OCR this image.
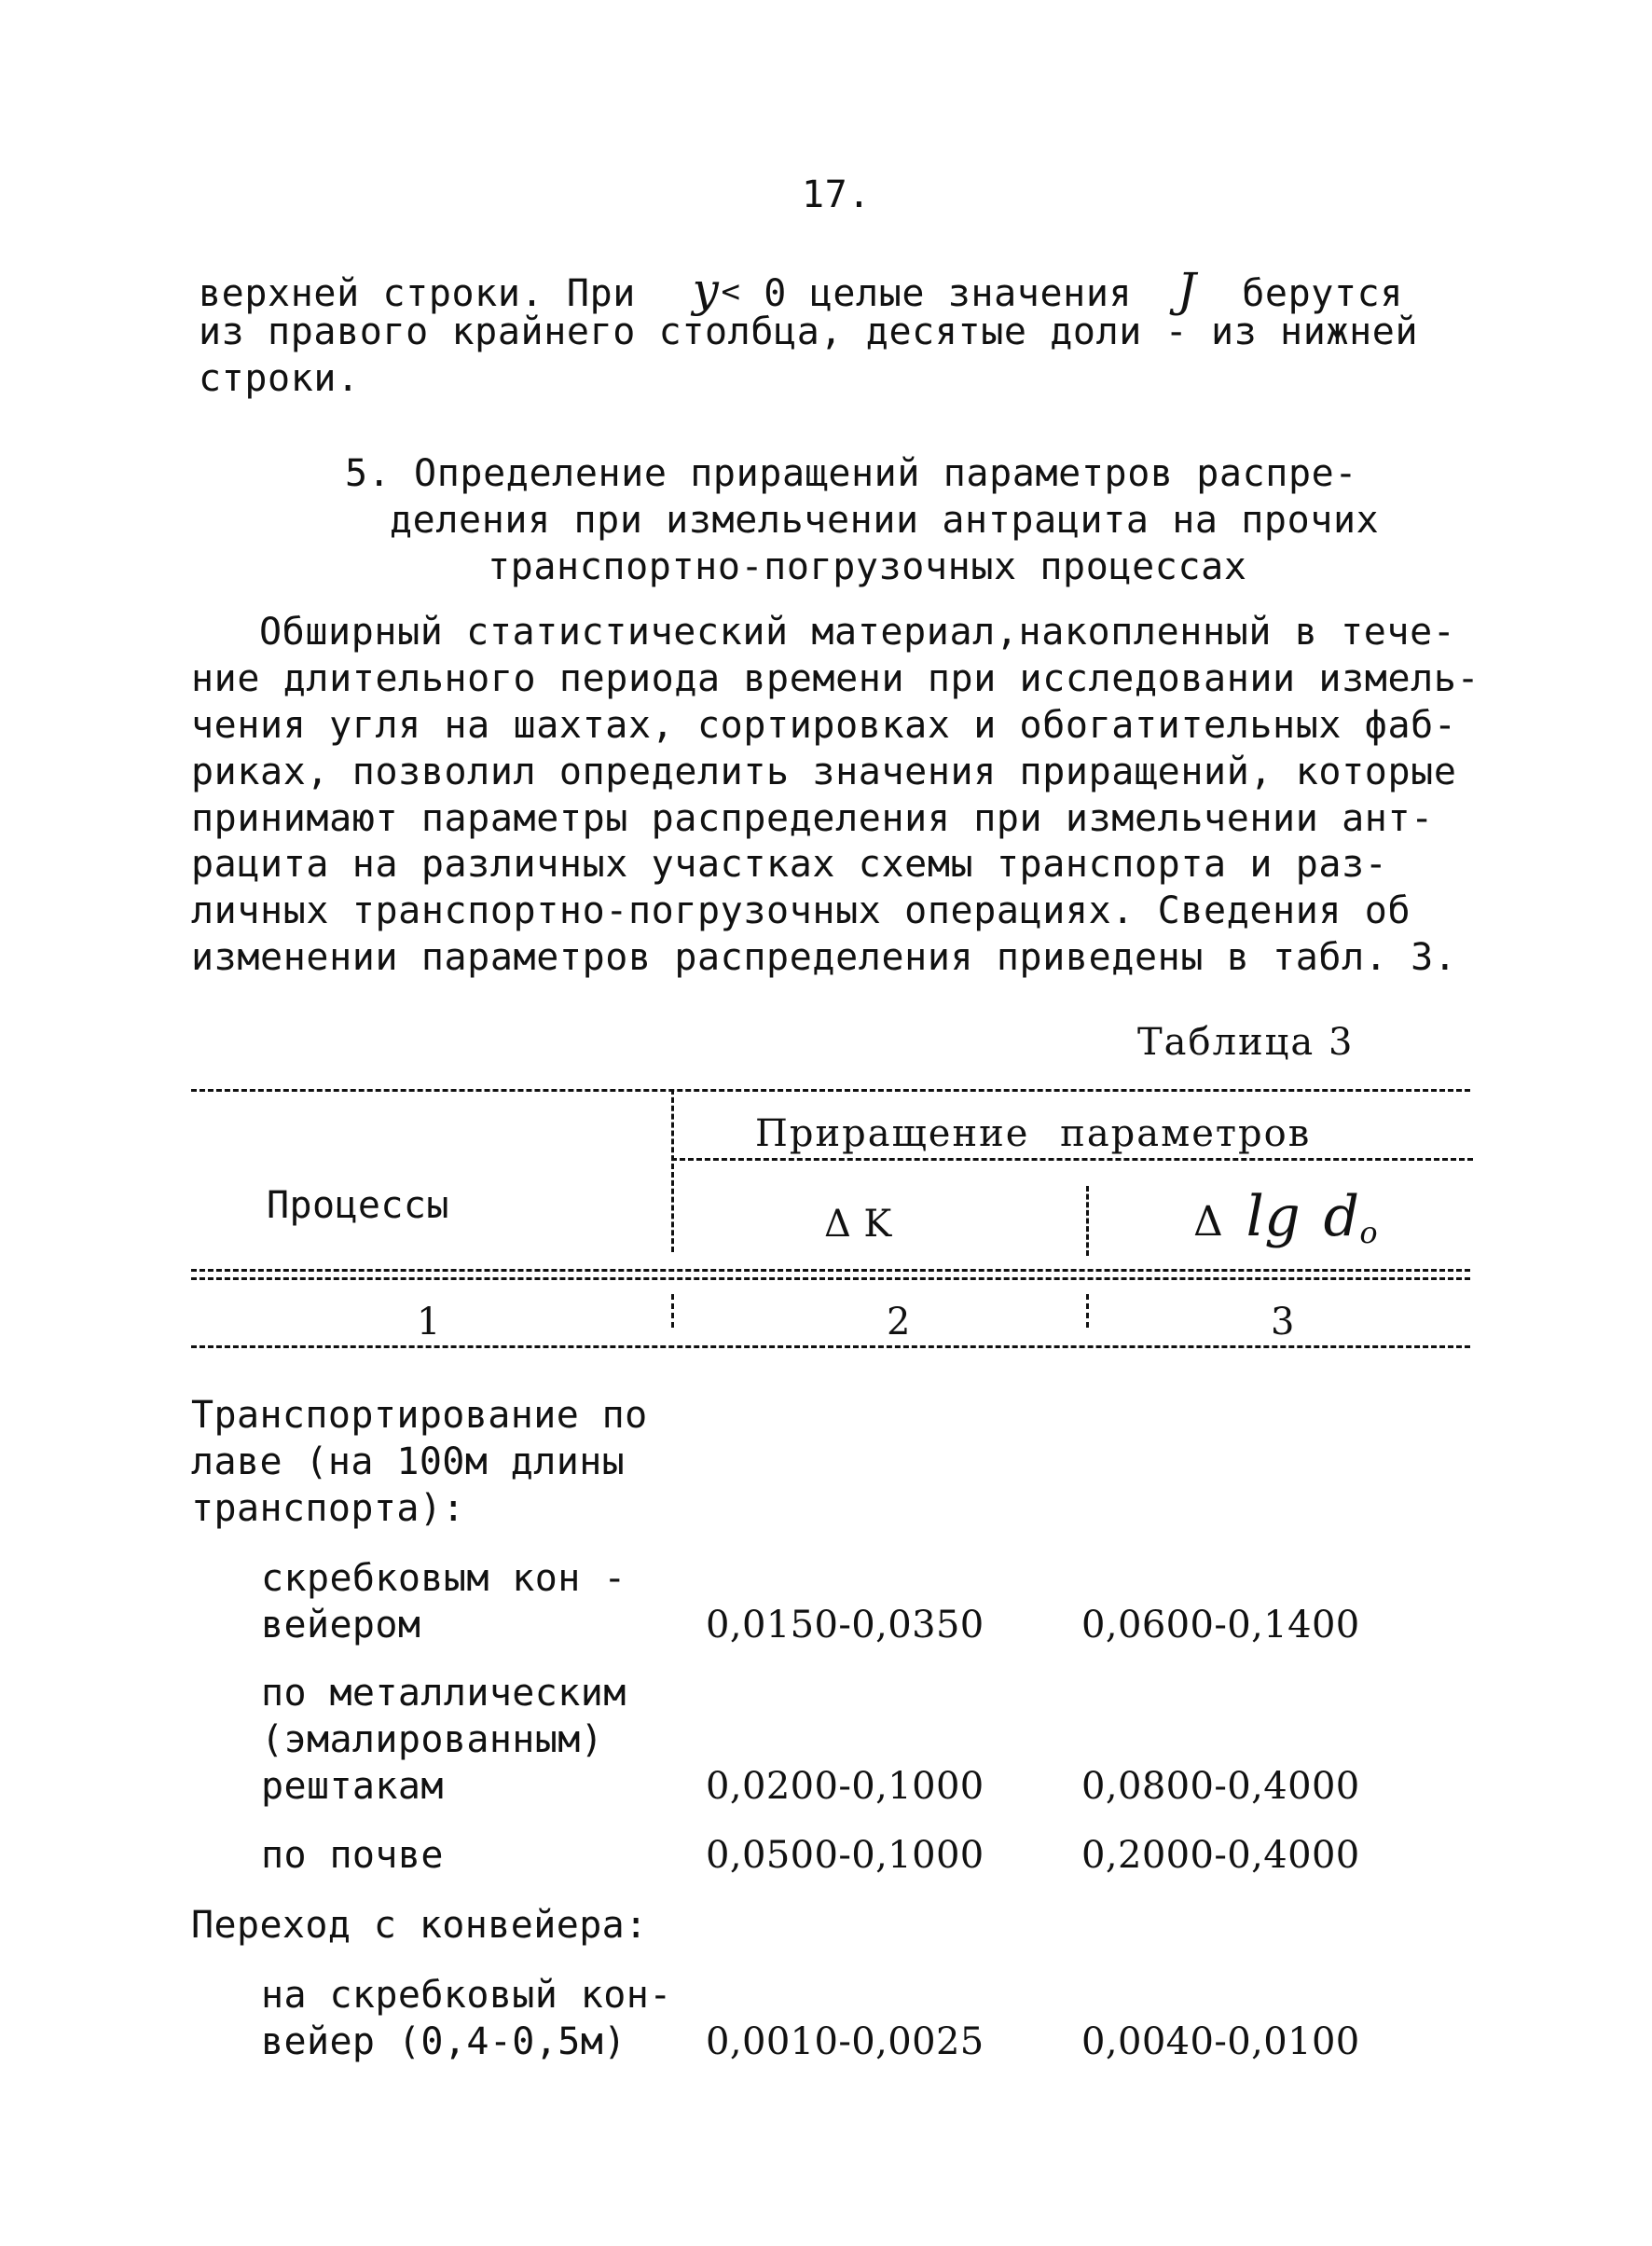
17.
верхней строки. При y< 0 целые значения J берутся
из правого крайнего столбца, десятые доли - из нижней
строки.
5. Определение приращений параметров распре-
деления при измельчении антрацита на прочих
транспортно-погрузочных процессах
Обширный статистический материал,накопленный в тече-
ние длительного периода времени при исследовании измель-
чения угля на шахтах, сортировках и обогатительных фаб-
риках, позволил определить значения приращений, которые
принимают параметры распределения при измельчении ант-
рацита на различных участках схемы транспорта и раз-
личных транспортно-погрузочных операциях. Сведения об
изменении параметров распределения приведены в табл. 3.
Таблица 3
Процессы
Приращение параметров
Δ K	Δ $\lg d_o$
1	2	3
Транспортирование по
лаве (на 100м длины
транспорта):
скребковым кон -
вейером	0,0150-0,0350	0,0600-0,1400
по металлическим
(эмалированным)
рештакам	0,0200-0,1000	0,0800-0,4000
по почве	0,0500-0,1000	0,2000-0,4000
Переход с конвейера:
на скребковый кон-
вейер (0,4-0,5м) 0,0010-0,0025	0,0040-0,0100
